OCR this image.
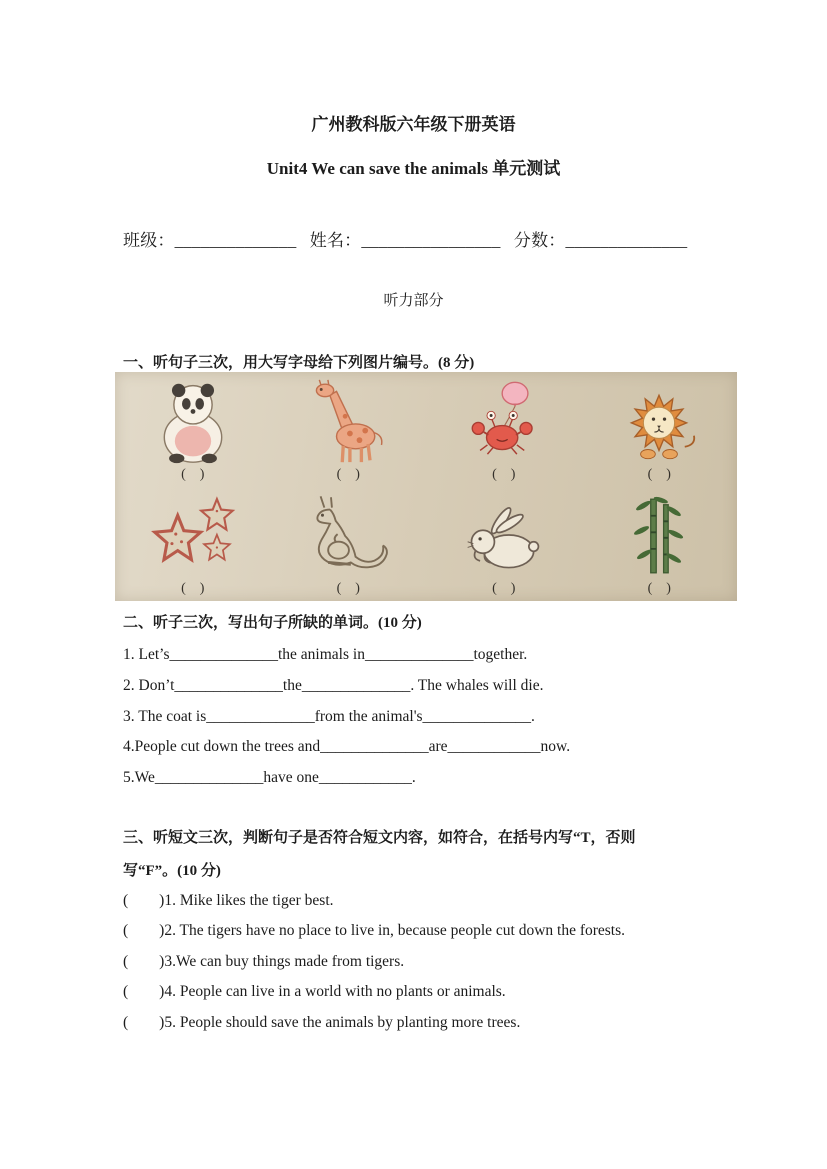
广州教科版六年级下册英语
Unit4 We can save the animals 单元测试
班级：______________   姓名：________________   分数：______________
听力部分
一、听句子三次，用大写字母给下列图片编号。(8 分)
(    )	(    )	(    )	(    )
(    )	(    )	(    )	(    )
二、听子三次，写出句子所缺的单词。(10 分)
1. Let’s______________the animals in______________together.
2. Don’t______________the______________. The whales will die.
3. The coat is______________from the animal's______________.
4.People cut down the trees and______________are____________now.
5.We______________have one____________.
三、听短文三次，判断句子是否符合短文内容，如符合，在括号内写“T，否则
写“F”。(10 分)
(        )1. Mike likes the tiger best.
(        )2. The tigers have no place to live in, because people cut down the forests.
(        )3.We can buy things made from tigers.
(        )4. People can live in a world with no plants or animals.
(        )5. People should save the animals by planting more trees.
